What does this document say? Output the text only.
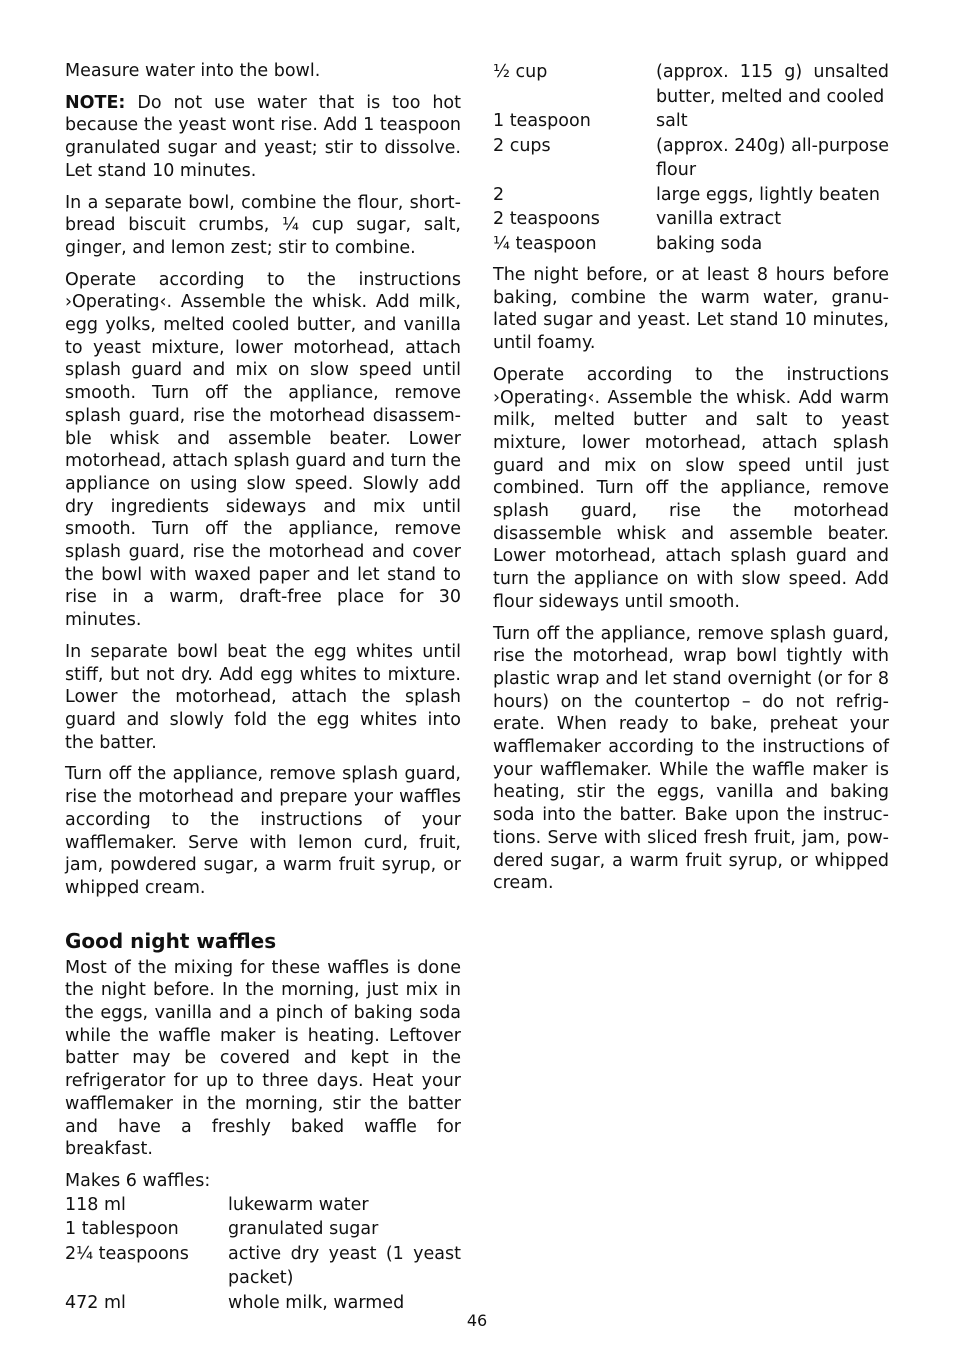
Measure water into the bowl.

NOTE: Do not use water that is too hot because the yeast wont rise. Add 1 teaspoon granulated sugar and yeast; stir to dissolve. Let stand 10 minutes.

In a separate bowl, combine the flour, shortbread biscuit crumbs, ¼ cup sugar, salt, ginger, and lemon zest; stir to combine.

Operate according to the instructions ›Operating‹. Assemble the whisk. Add milk, egg yolks, melted cooled butter, and vanilla to yeast mixture, lower motorhead, attach splash guard and mix on slow speed until smooth. Turn off the appliance, remove splash guard, rise the motorhead disassemble whisk and assemble beater. Lower motorhead, attach splash guard and turn the appliance on using slow speed. Slowly add dry ingredients sideways and mix until smooth. Turn off the appliance, remove splash guard, rise the motorhead and cover the bowl with waxed paper and let stand to rise in a warm, draft-free place for 30 minutes.

In separate bowl beat the egg whites until stiff, but not dry. Add egg whites to mixture. Lower the motorhead, attach the splash guard and slowly fold the egg whites into the batter.

Turn off the appliance, remove splash guard, rise the motorhead and prepare your waffles according to the instructions of your wafflemaker. Serve with lemon curd, fruit, jam, powdered sugar, a warm fruit syrup, or whipped cream.

Good night waffles

Most of the mixing for these waffles is done the night before. In the morning, just mix in the eggs, vanilla and a pinch of baking soda while the waffle maker is heating. Leftover batter may be covered and kept in the refrigerator for up to three days. Heat your wafflemaker in the morning, stir the batter and have a freshly baked waffle for breakfast.

Makes 6 waffles:

118 ml	lukewarm water
1 tablespoon	granulated sugar
2¼ teaspoons	active dry yeast (1 yeast packet)
472 ml	whole milk, warmed
½ cup	(approx. 115 g) unsalted butter, melted and cooled
1 teaspoon	salt
2 cups	(approx. 240g) all-purpose flour
2	large eggs, lightly beaten
2 teaspoons	vanilla extract
¼ teaspoon	baking soda

The night before, or at least 8 hours before baking, combine the warm water, granulated sugar and yeast. Let stand 10 minutes, until foamy.

Operate according to the instructions ›Operating‹. Assemble the whisk. Add warm milk, melted butter and salt to yeast mixture, lower motorhead, attach splash guard and mix on slow speed until just combined. Turn off the appliance, remove splash guard, rise the motorhead disassemble whisk and assemble beater. Lower motorhead, attach splash guard and turn the appliance on with slow speed. Add flour sideways until smooth.

Turn off the appliance, remove splash guard, rise the motorhead, wrap bowl tightly with plastic wrap and let stand overnight (or for 8 hours) on the countertop – do not refrigerate. When ready to bake, preheat your wafflemaker according to the instructions of your wafflemaker. While the waffle maker is heating, stir the eggs, vanilla and baking soda into the batter. Bake upon the instructions. Serve with sliced fresh fruit, jam, powdered sugar, a warm fruit syrup, or whipped cream.

46
